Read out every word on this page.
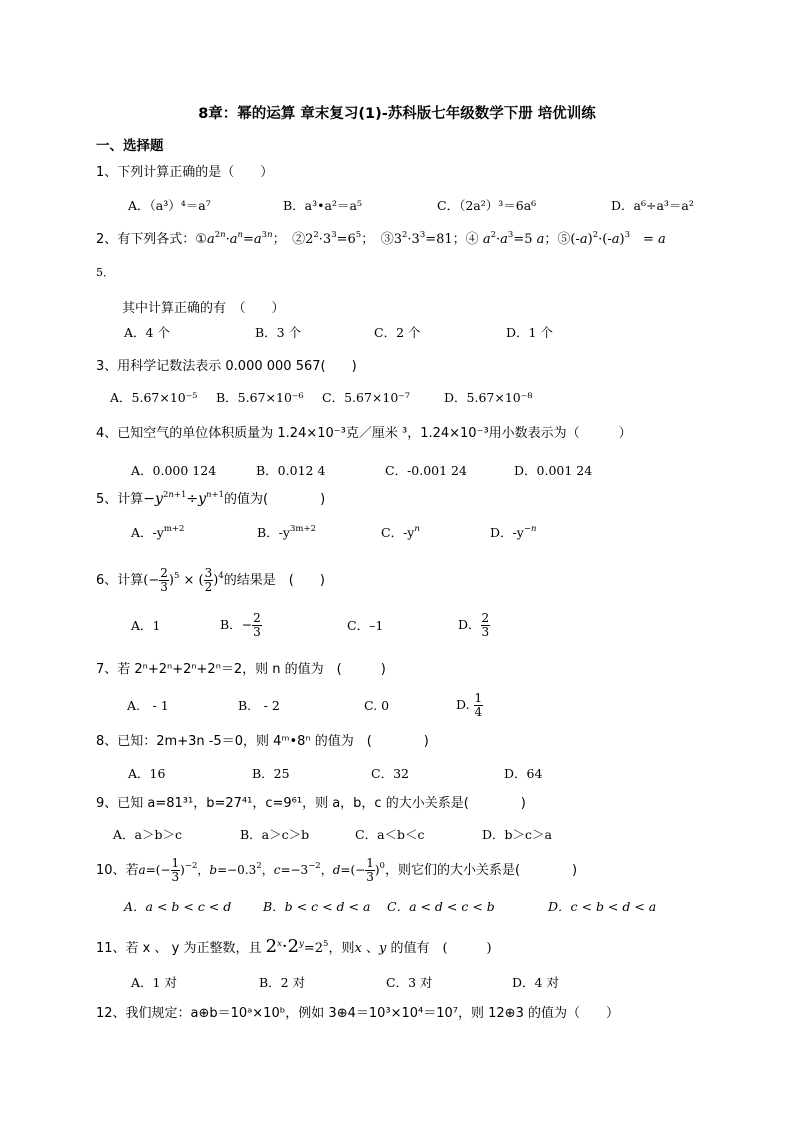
8章：幂的运算 章末复习(1)-苏科版七年级数学下册 培优训练
一、选择题
1、下列计算正确的是（　　）
A．（a³）⁴＝a⁷	B．a³•a²＝a⁵	C．（2a²）³＝6a⁶	D．a⁶÷a³＝a²
2、有下列各式：$①a^{2n}\cdot a^n=a^{3n}$；　$②2^2\cdot 3^3=6^5$；　$③3^2\cdot 3^3=81$；④ $a^2\cdot a^3=5$ a；$⑤(-a)^2\cdot(-a)^3$　= a
5．
其中计算正确的有　（　　）
A．4 个	B．3 个	C．2 个	D．1 个
3、用科学记数法表示 0.000 000 567(　　)
A．5.67×10⁻⁵ B．5.67×10⁻⁶ C．5.67×10⁻⁷	D．5.67×10⁻⁸
4、已知空气的单位体积质量为 1.24×10⁻³克／厘米 ³，1.24×10⁻³用小数表示为（　　　）
A．0.000 124	B．0.012 4	C．-0.001 24	D．0.001 24
5、计算$-y^{2n+1}\div y^{n+1}$的值为(　　　　)
A．$-y^{m+2}$	B．$-y^{3m+2}$	C．$-y^n$	D．$-y^{-n}$
6、计算(− $\frac{2}{3} )^5$ × ( $\frac{3}{2} )^4$的结果是　(　　)
A．1	B．− $\frac{2}{3}$	C．–1	D． $\frac{2}{3}$
7、若 2ⁿ+2ⁿ+2ⁿ+2ⁿ＝2，则 n 的值为　(　　　)
A.　- 1	B.　- 2	C. 0	D. $\frac{1}{4}$
8、已知：2m+3n -5＝0，则 4ᵐ•8ⁿ 的值为　(　　　　)
A．16	B．25	C．32	D．64
9、已知 a=81³¹，b=27⁴¹，c=9⁶¹，则 a，b，c 的大小关系是(　　　　)
A．a＞b＞c	B．a＞c＞b	C．a＜b＜c	D．b＞c＞a
10、若$a=(- \frac{1}{3} )^{-2}$，$b=-0.3^2$，$c=-3^{-2}$，$d=(- \frac{1}{3} )^0$，则它们的大小关系是(　　　　)
A．a < b < c < d	B．b < c < d < a C．a < d < c < b	D．c < b < d < a
11、若 x 、 y 为正整数，且 $2^x\cdot 2^y=2^5$，则x 、y 的值有　(　　　)
A．1 对	B．2 对	C．3 对	D．4 对
12、我们规定：a⊕b＝10ᵃ×10ᵇ，例如 3⊕4＝10³×10⁴＝10⁷，则 12⊕3 的值为（　　）
